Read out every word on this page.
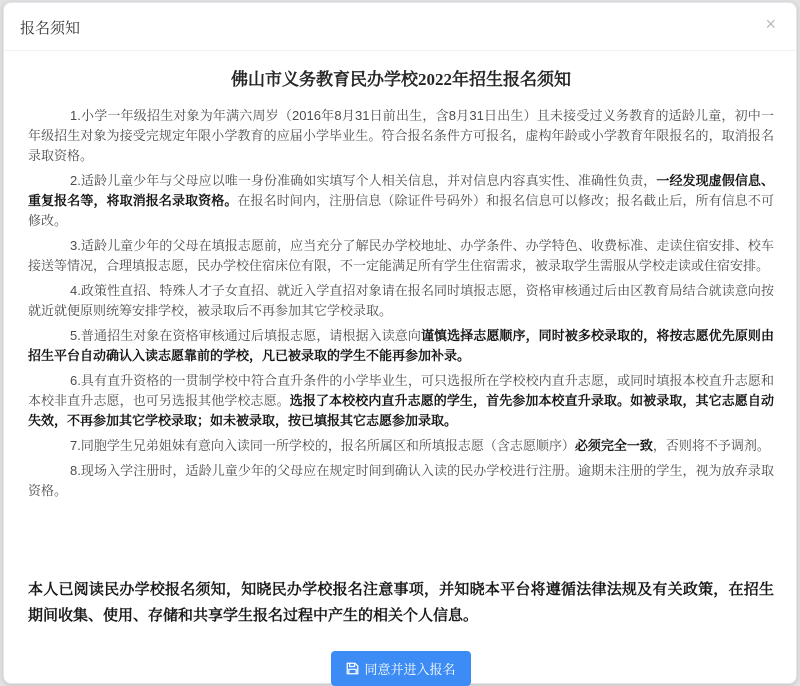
报名须知	×
佛山市义务教育民办学校2022年招生报名须知

1.小学一年级招生对象为年满六周岁（2016年8月31日前出生，含8月31日出生）且未接受过义务教育的适龄儿童，初中一年级招生对象为接受完规定年限小学教育的应届小学毕业生。符合报名条件方可报名，虚构年龄或小学教育年限报名的，取消报名录取资格。

2.适龄儿童少年与父母应以唯一身份准确如实填写个人相关信息，并对信息内容真实性、准确性负责，一经发现虚假信息、重复报名等，将取消报名录取资格。在报名时间内，注册信息（除证件号码外）和报名信息可以修改；报名截止后，所有信息不可修改。

3.适龄儿童少年的父母在填报志愿前，应当充分了解民办学校地址、办学条件、办学特色、收费标准、走读住宿安排、校车接送等情况，合理填报志愿，民办学校住宿床位有限，不一定能满足所有学生住宿需求，被录取学生需服从学校走读或住宿安排。

4.政策性直招、特殊人才子女直招、就近入学直招对象请在报名同时填报志愿，资格审核通过后由区教育局结合就读意向按就近就便原则统筹安排学校，被录取后不再参加其它学校录取。

5.普通招生对象在资格审核通过后填报志愿，请根据入读意向谨慎选择志愿顺序，同时被多校录取的，将按志愿优先原则由招生平台自动确认入读志愿靠前的学校，凡已被录取的学生不能再参加补录。

6.具有直升资格的一贯制学校中符合直升条件的小学毕业生，可只选报所在学校校内直升志愿，或同时填报本校直升志愿和本校非直升志愿，也可另选报其他学校志愿。选报了本校校内直升志愿的学生，首先参加本校直升录取。如被录取，其它志愿自动失效，不再参加其它学校录取；如未被录取，按已填报其它志愿参加录取。

7.同胞学生兄弟姐妹有意向入读同一所学校的，报名所属区和所填报志愿（含志愿顺序）必须完全一致，否则将不予调剂。

8.现场入学注册时，适龄儿童少年的父母应在规定时间到确认入读的民办学校进行注册。逾期未注册的学生，视为放弃录取资格。

本人已阅读民办学校报名须知，知晓民办学校报名注意事项，并知晓本平台将遵循法律法规及有关政策，在招生期间收集、使用、存储和共享学生报名过程中产生的相关个人信息。

同意并进入报名
